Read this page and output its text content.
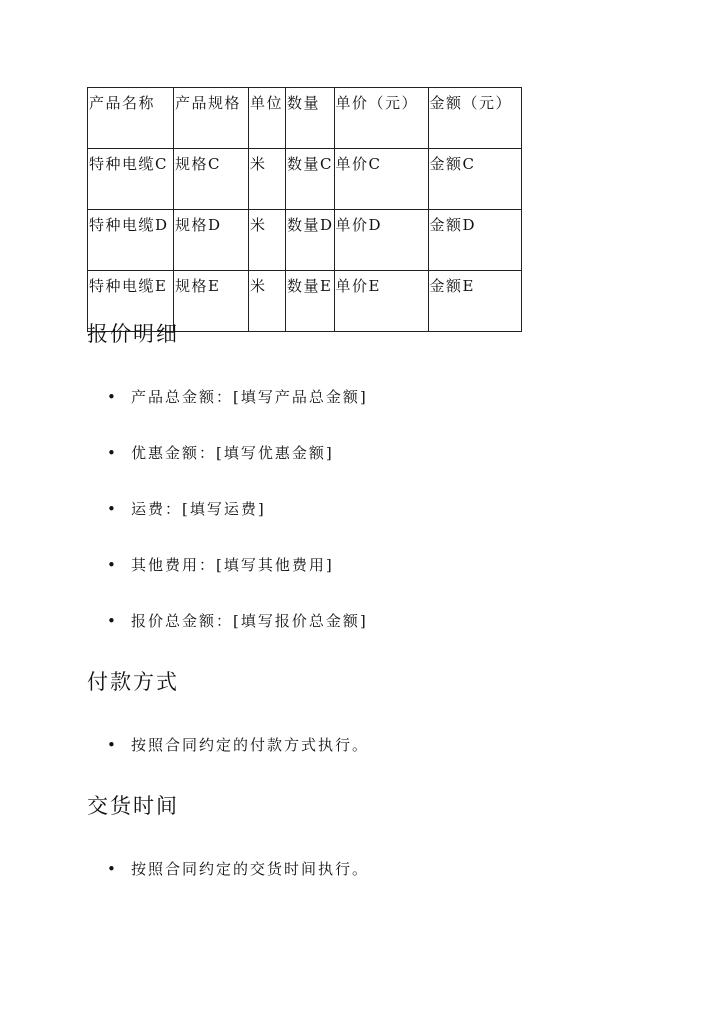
产品名称	产品规格	单位	数量	单价（元）	金额（元）
特种电缆C	规格C	米	数量C	单价C	金额C
特种电缆D	规格D	米	数量D	单价D	金额D
特种电缆E	规格E	米	数量E	单价E	金额E
报价明细
• 产品总金额：[填写产品总金额]
• 优惠金额：[填写优惠金额]
• 运费：[填写运费]
• 其他费用：[填写其他费用]
• 报价总金额：[填写报价总金额]
付款方式
• 按照合同约定的付款方式执行。
交货时间
• 按照合同约定的交货时间执行。
